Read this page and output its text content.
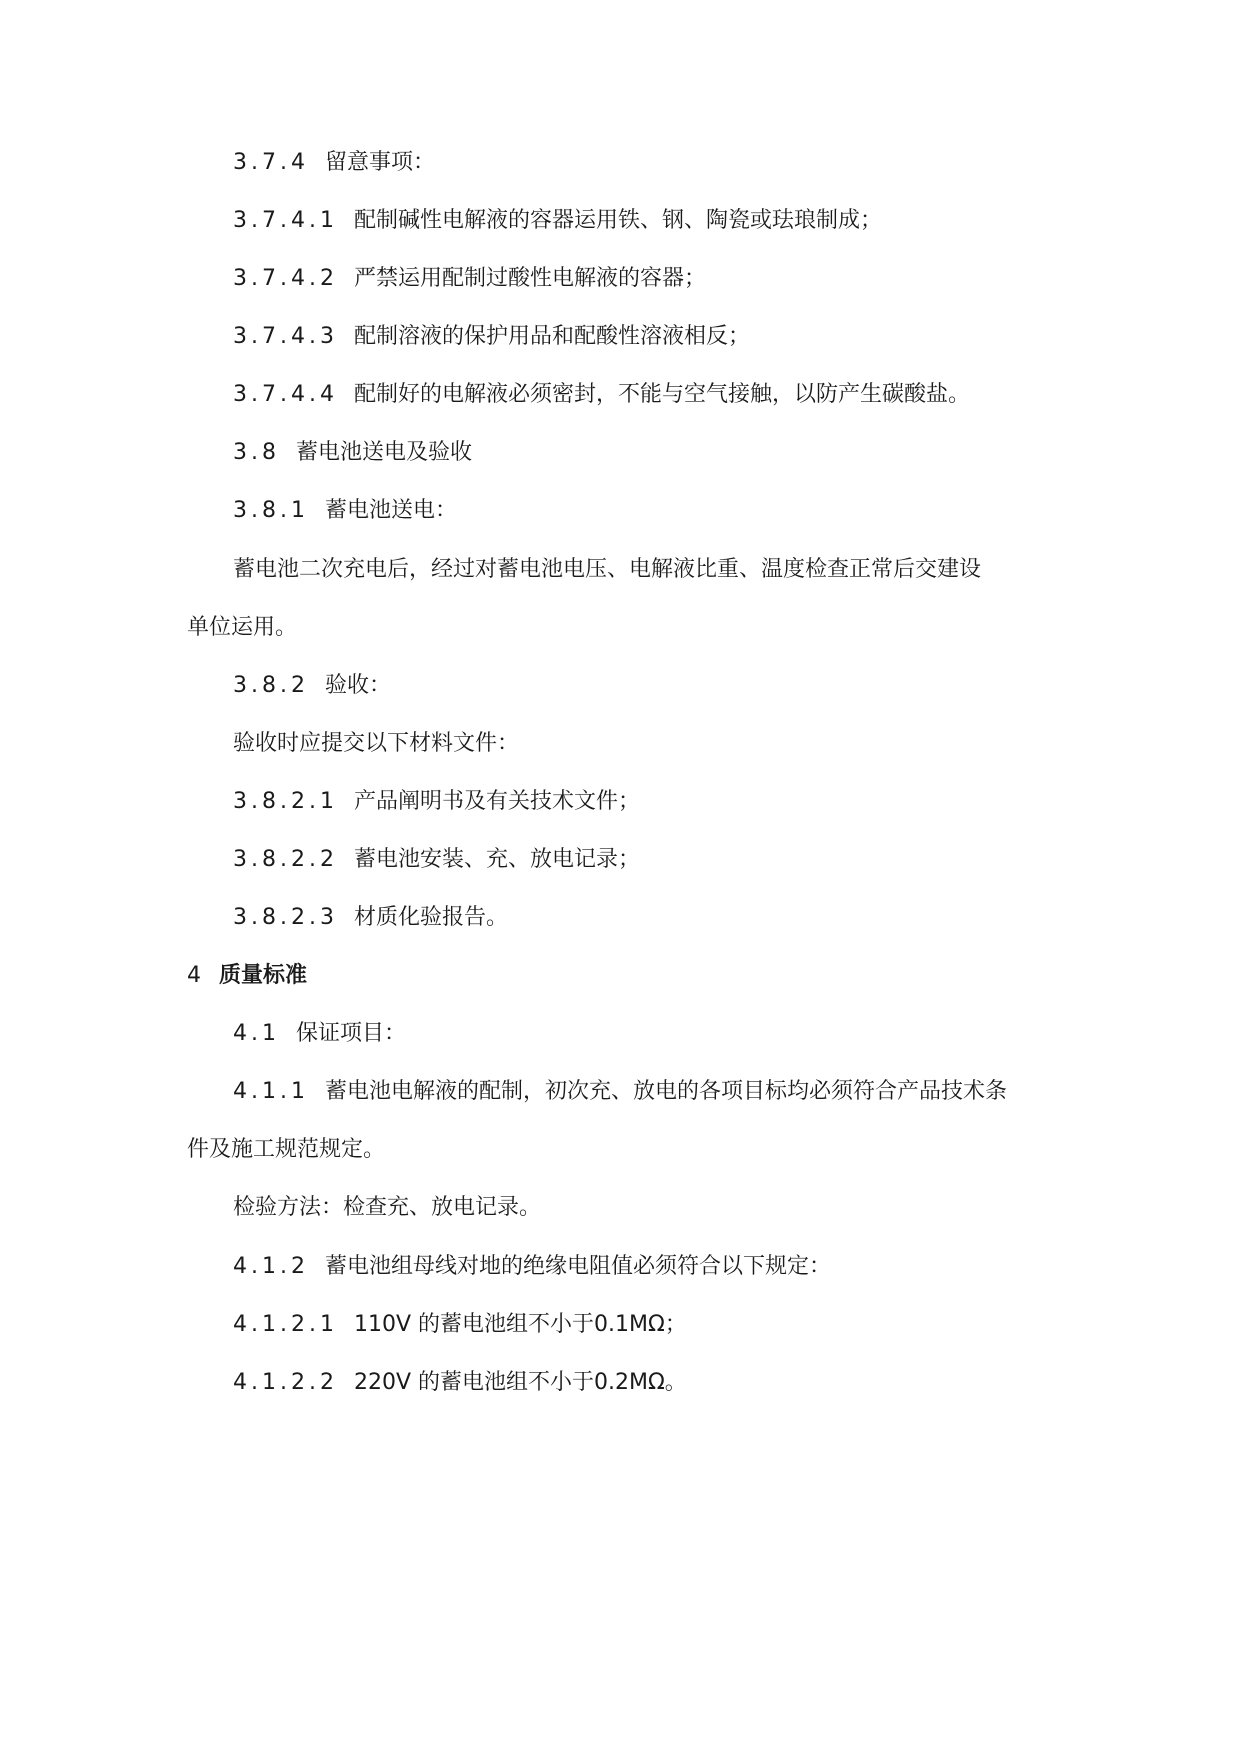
3.7.4 留意事项：
3.7.4.1 配制碱性电解液的容器运用铁、钢、陶瓷或珐琅制成；
3.7.4.2 严禁运用配制过酸性电解液的容器；
3.7.4.3 配制溶液的保护用品和配酸性溶液相反；
3.7.4.4 配制好的电解液必须密封，不能与空气接触，以防产生碳酸盐。
3.8 蓄电池送电及验收
3.8.1 蓄电池送电：
蓄电池二次充电后，经过对蓄电池电压、电解液比重、温度检查正常后交建设
单位运用。
3.8.2 验收：
验收时应提交以下材料文件：
3.8.2.1 产品阐明书及有关技术文件；
3.8.2.2 蓄电池安装、充、放电记录；
3.8.2.3 材质化验报告。
4 质量标准
4.1 保证项目：
4.1.1 蓄电池电解液的配制，初次充、放电的各项目标均必须符合产品技术条
件及施工规范规定。
检验方法：检查充、放电记录。
4.1.2 蓄电池组母线对地的绝缘电阻值必须符合以下规定：
4.1.2.1 110V 的蓄电池组不小于0.1MΩ；
4.1.2.2 220V 的蓄电池组不小于0.2MΩ。
